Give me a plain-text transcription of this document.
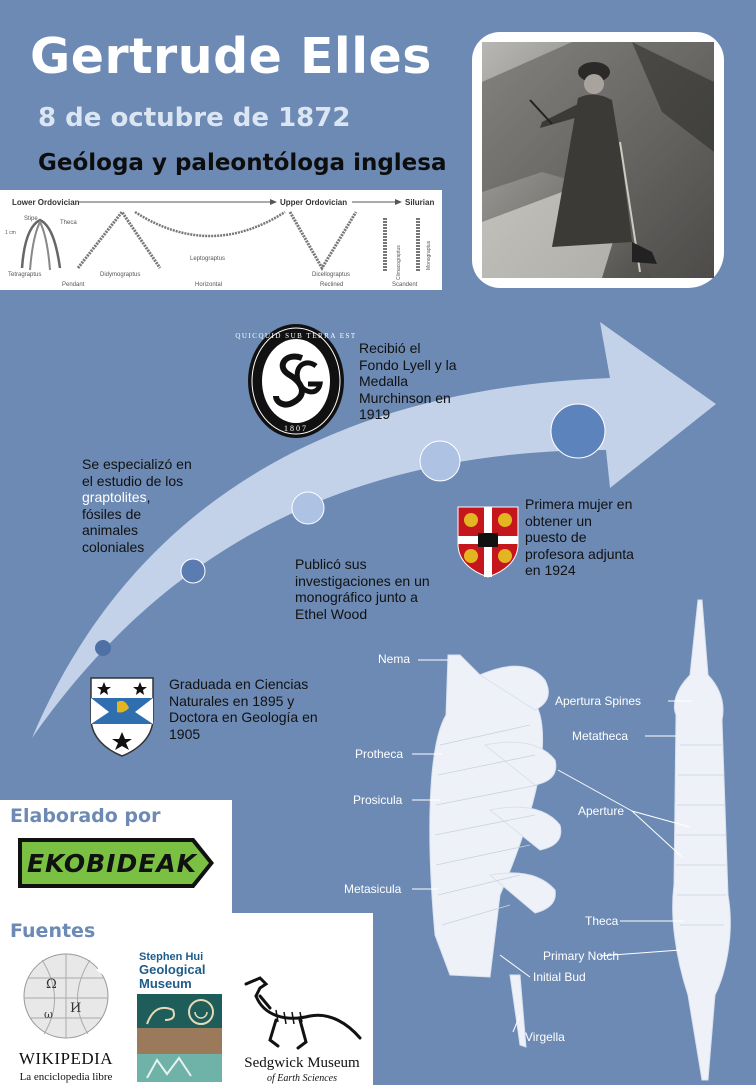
Gertrude Elles
8 de octubre de 1872
Geóloga y paleontóloga inglesa
Lower Ordovician	Upper Ordovician	Silurian
Stipe
Theca
1 cm
Tetragraptus
Pendant
Didymograptus
Leptograptus
Horizontal
Dicellograptus
Reclined
Climacograptus	Monograptus
Scandent
QUICQUID SUB TERRA EST
1807
Graduada en Ciencias Naturales en 1895 y Doctora en Geología en 1905
Se especializó en el estudio de los graptolites, fósiles de animales coloniales
Publicó sus investigaciones en un monográfico junto a Ethel Wood
Recibió el Fondo Lyell y la Medalla Murchinson en 1919
Primera mujer en obtener un puesto de profesora adjunta en 1924
Nema
Protheca
Prosicula
Metasicula
Apertura Spines
Metatheca
Aperture
Theca
Primary Notch
Initial Bud
Virgella
Elaborado por
EKOBIDEAK
Fuentes
Ω
И
ω
WIKIPEDIA
La enciclopedia libre
Stephen Hui
Geological
Museum
Sedgwick Museum
of Earth Sciences
